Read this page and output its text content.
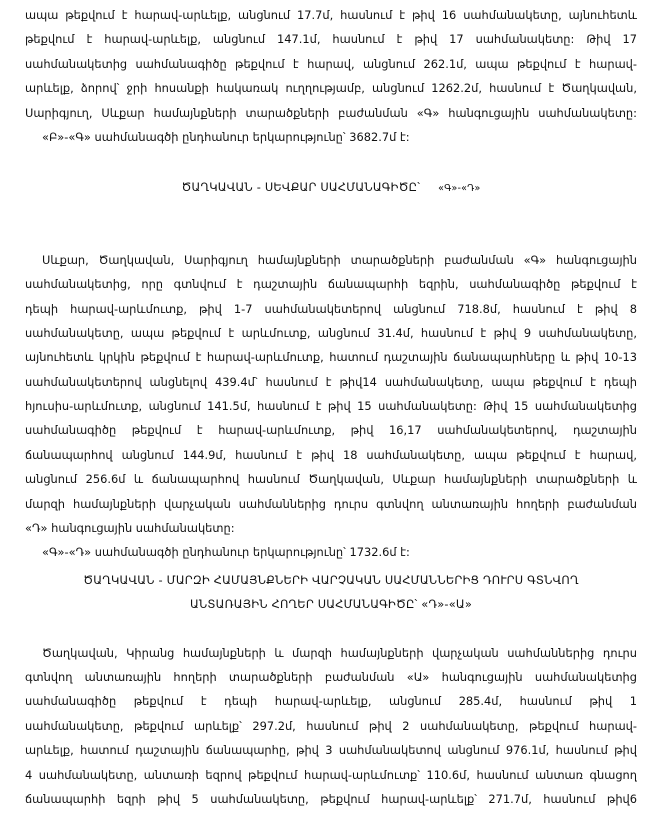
ապա թեքվում է հարավ-արևելք, անցնում 17.7մ, հասնում է թիվ 16 սահմանակետը, այնուհետև
թեքվում է հարավ-արևելք, անցնում 147.1մ, հասնում է թիվ 17 սահմանակետը: Թիվ 17
սահմանակետից սահմանագիծը թեքվում է հարավ, անցնում 262.1մ, ապա թեքվում է հարավ-
արևելք, ձորով՝ ջրի հոսանքի հակառակ ուղղությամբ, անցնում 1262.2մ, հասնում է Ծաղկավան,
Սարիգյուղ, Սևքար համայնքների տարածքների բաժանման «Գ» հանգուցային սահմանակետը:
«Բ»-«Գ» սահմանագծի ընդհանուր երկարությունը՝ 3682.7մ է:
ԾԱՂԿԱՎԱՆ - ՍԵՎՔԱՐ ՍԱՀՄԱՆԱԳԻԾԸ՝ «Գ»-«Դ»
Սևքար, Ծաղկավան, Սարիգյուղ համայնքների տարածքների բաժանման «Գ» հանգուցային
սահմանակետից, որը գտնվում է դաշտային ճանապարհի եզրին, սահմանագիծը թեքվում է
դեպի հարավ-արևմուտք, թիվ 1-7 սահմանակետերով անցնում 718.8մ, հասնում է թիվ 8
սահմանակետը, ապա թեքվում է արևմուտք, անցնում 31.4մ, հասնում է թիվ 9 սահմանակետը,
այնուհետև կրկին թեքվում է հարավ-արևմուտք, հատում դաշտային ճանապարհները և թիվ 10-13
սահմանակետերով անցնելով 439.4մ՝ հասնում է թիվ14 սահմանակետը, ապա թեքվում է դեպի
հյուսիս-արևմուտք, անցնում 141.5մ, հասնում է թիվ 15 սահմանակետը: Թիվ 15 սահմանակետից
սահմանագիծը թեքվում է հարավ-արևմուտք, թիվ 16,17 սահմանակետերով, դաշտային
ճանապարհով անցնում 144.9մ, հասնում է թիվ 18 սահմանակետը, ապա թեքվում է հարավ,
անցնում 256.6մ և ճանապարհով հասնում Ծաղկավան, Սևքար համայնքների տարածքների և
մարզի համայնքների վարչական սահմաններից դուրս գտնվող անտառային հողերի բաժանման
«Դ» հանգուցային սահմանակետը:
«Գ»-«Դ» սահմանագծի ընդհանուր երկարությունը՝ 1732.6մ է:
ԾԱՂԿԱՎԱՆ - ՄԱՐԶԻ ՀԱՄԱՅՆՔՆԵՐԻ ՎԱՐՉԱԿԱՆ ՍԱՀՄԱՆՆԵՐԻՑ ԴՈՒՐՍ ԳՏՆՎՈՂ
ԱՆՏԱՌԱՅԻՆ ՀՈՂԵՐ ՍԱՀՄԱՆԱԳԻԾԸ՝ «Դ»-«Ա»
Ծաղկավան, Կիրանց համայնքների և մարզի համայնքների վարչական սահմաններից դուրս
գտնվող անտառային հողերի տարածքների բաժանման «Ա» հանգուցային սահմանակետից
սահմանագիծը թեքվում է դեպի հարավ-արևելք, անցնում 285.4մ, հասնում թիվ 1
սահմանակետը, թեքվում արևելք՝ 297.2մ, հասնում թիվ 2 սահմանակետը, թեքվում հարավ-
արևելք, հատում դաշտային ճանապարհը, թիվ 3 սահմանակետով անցնում 976.1մ, հասնում թիվ
4 սահմանակետը, անտառի եզրով թեքվում հարավ-արևմուտք՝ 110.6մ, հասնում անտառ գնացող
ճանապարհի եզրի թիվ 5 սահմանակետը, թեքվում հարավ-արևելք՝ 271.7մ, հասնում թիվ6
